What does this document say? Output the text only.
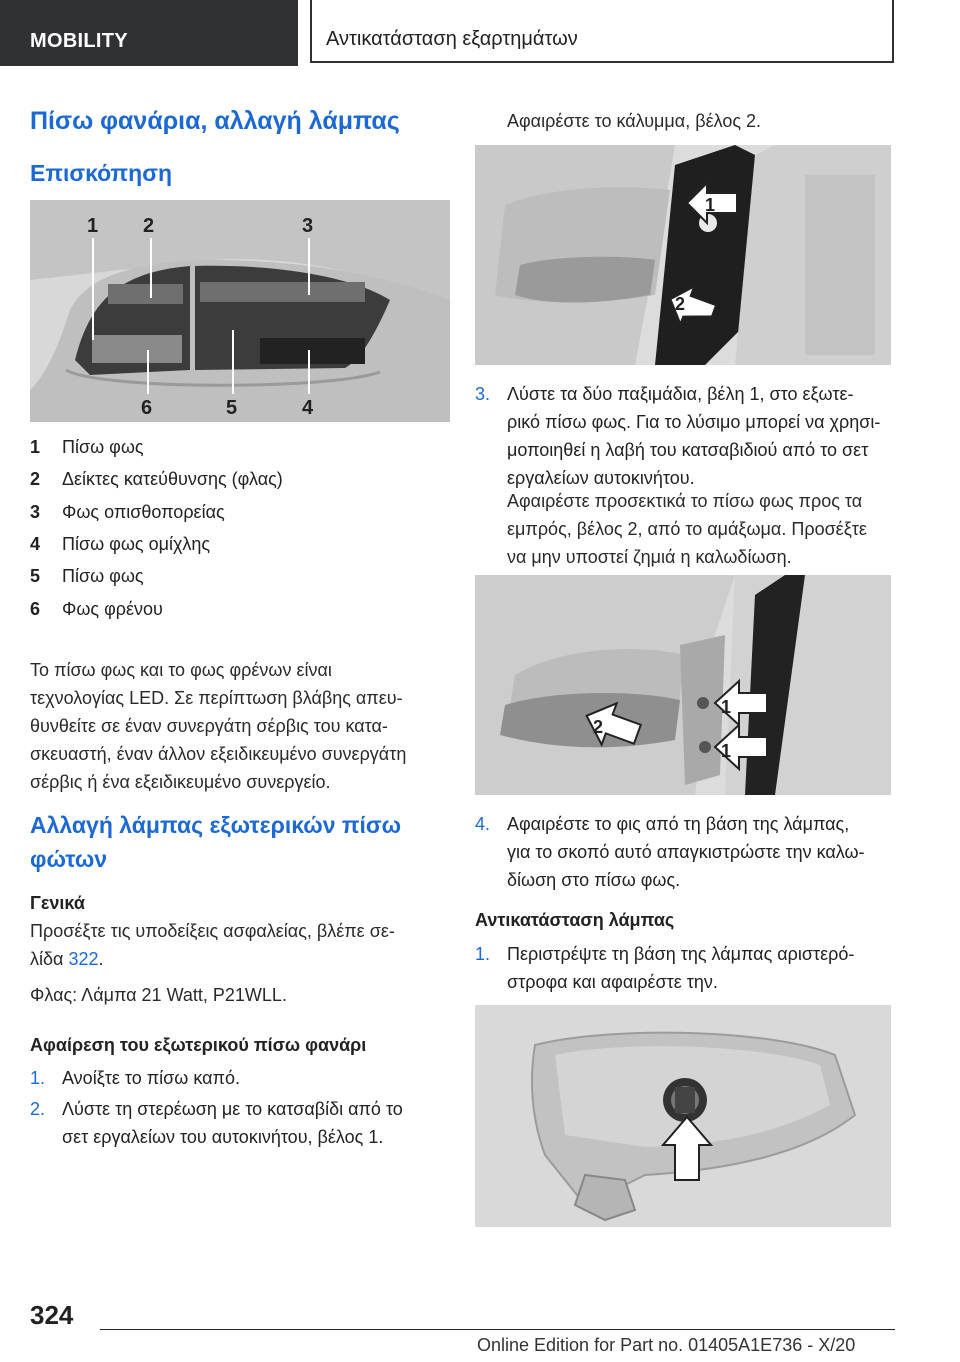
MOBILITY	Αντικατάσταση εξαρτημάτων
Πίσω φανάρια, αλλαγή λάμπας
Επισκόπηση
1 2	3
4
5
6
1 Πίσω φως
2 Δείκτες κατεύθυνσης (φλας)
3 Φως οπισθοπορείας
4 Πίσω φως ομίχλης
5 Πίσω φως
6 Φως φρένου

Το πίσω φως και το φως φρένων είναι
τεχνολογίας LED. Σε περίπτωση βλάβης απευ-
θυνθείτε σε έναν συνεργάτη σέρβις του κατα-
σκευαστή, έναν άλλον εξειδικευμένο συνεργάτη
σέρβις ή ένα εξειδικευμένο συνεργείο.

Αλλαγή λάμπας εξωτερικών πίσω
φώτων
Γενικά

Προσέξτε τις υποδείξεις ασφαλείας, βλέπε σε-
λίδα 322.

Φλας: Λάμπα 21 Watt, P21WLL.

Αφαίρεση του εξωτερικού πίσω φανάρι
1. Ανοίξτε το πίσω καπό.
2. Λύστε τη στερέωση με το κατσαβίδι από το
σετ εργαλείων του αυτοκινήτου, βέλος 1.

Αφαιρέστε το κάλυμμα, βέλος 2.

1
2
3. Λύστε τα δύο παξιμάδια, βέλη 1, στο εξωτε-
ρικό πίσω φως. Για το λύσιμο μπορεί να χρησι-
μοποιηθεί η λαβή του κατσαβιδιού από το σετ
εργαλείων αυτοκινήτου.

Αφαιρέστε προσεκτικά το πίσω φως προς τα
εμπρός, βέλος 2, από το αμάξωμα. Προσέξτε
να μην υποστεί ζημιά η καλωδίωση.

1
1
2
4. Αφαιρέστε το φις από τη βάση της λάμπας,
για το σκοπό αυτό απαγκιστρώστε την καλω-
δίωση στο πίσω φως.
Αντικατάσταση λάμπας
1. Περιστρέψτε τη βάση της λάμπας αριστερό-
στροφα και αφαιρέστε την.
324
Online Edition for Part no. 01405A1E736 - X/20
